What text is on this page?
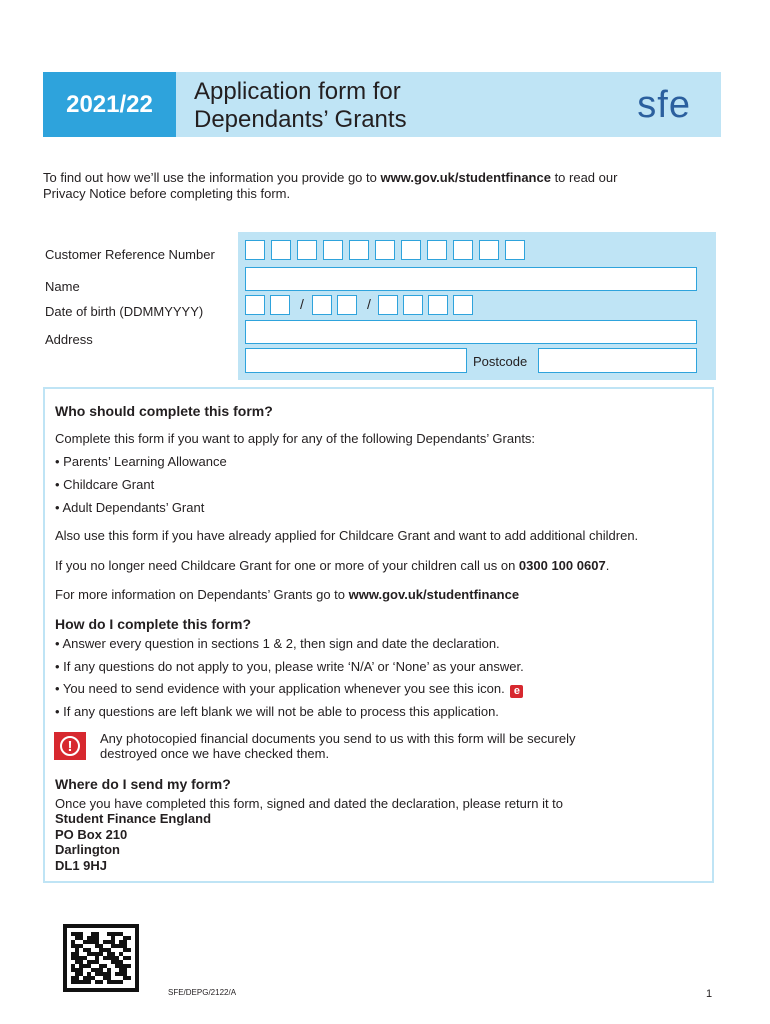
2021/22	Application form for
Dependants’ Grants	sfe
To find out how we’ll use the information you provide go to www.gov.uk/studentfinance to read our
Privacy Notice before completing this form.
Customer Reference Number
Name
Date of birth (DDMMYYYY)
Address
/	/
Postcode
Who should complete this form?
Complete this form if you want to apply for any of the following Dependants’ Grants:
• Parents’ Learning Allowance
• Childcare Grant
• Adult Dependants’ Grant
Also use this form if you have already applied for Childcare Grant and want to add additional children.
If you no longer need Childcare Grant for one or more of your children call us on 0300 100 0607.
For more information on Dependants’ Grants go to www.gov.uk/studentfinance
How do I complete this form?
• Answer every question in sections 1 & 2, then sign and date the declaration.
• If any questions do not apply to you, please write ‘N/A’ or ‘None’ as your answer.
• You need to send evidence with your application whenever you see this icon. e
• If any questions are left blank we will not be able to process this application.
!	Any photocopied financial documents you send to us with this form will be securely
destroyed once we have checked them.
Where do I send my form?
Once you have completed this form, signed and dated the declaration, please return it to
Student Finance England
PO Box 210
Darlington
DL1 9HJ
SFE/DEPG/2122/A	1
